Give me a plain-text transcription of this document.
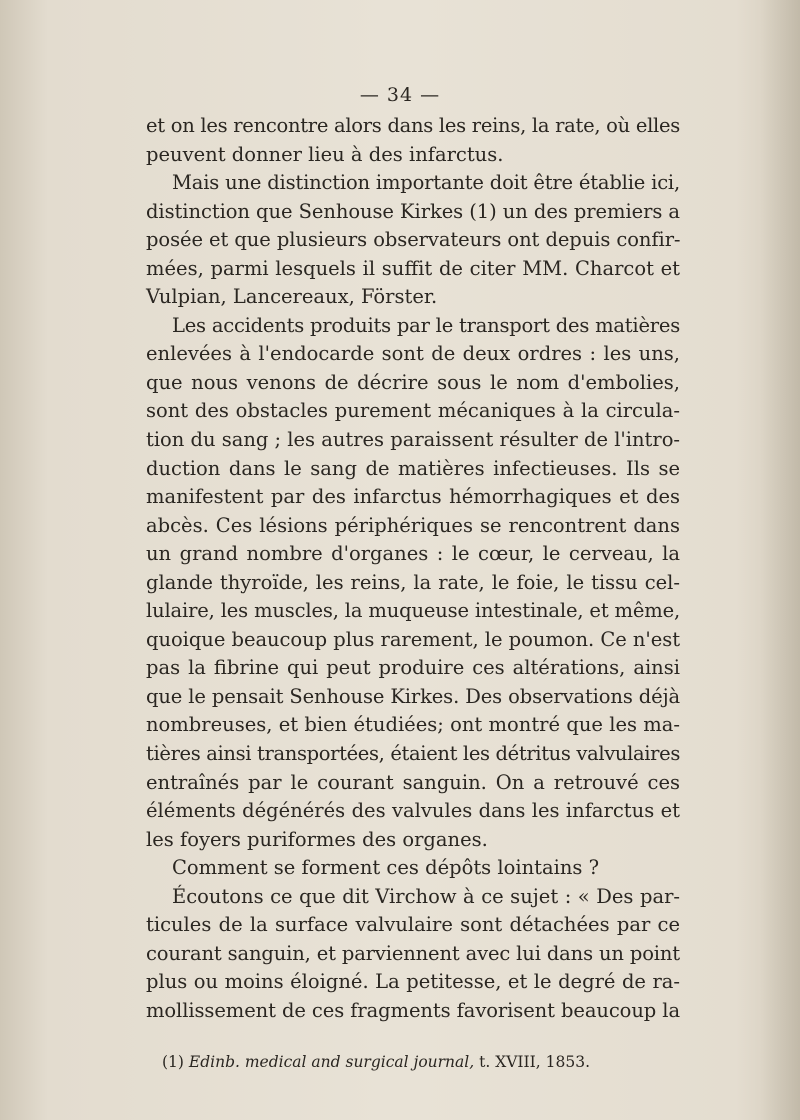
— 34 —
et on les rencontre alors dans les reins, la rate, où elles
peuvent donner lieu à des infarctus.
Mais une distinction importante doit être établie ici,
distinction que Senhouse Kirkes (1) un des premiers a
posée et que plusieurs observateurs ont depuis confir-
mées, parmi lesquels il suffit de citer MM. Charcot et
Vulpian, Lancereaux, Förster.
Les accidents produits par le transport des matières
enlevées à l'endocarde sont de deux ordres : les uns,
que nous venons de décrire sous le nom d'embolies,
sont des obstacles purement mécaniques à la circula-
tion du sang ; les autres paraissent résulter de l'intro-
duction dans le sang de matières infectieuses. Ils se
manifestent par des infarctus hémorrhagiques et des
abcès. Ces lésions périphériques se rencontrent dans
un grand nombre d'organes : le cœur, le cerveau, la
glande thyroïde, les reins, la rate, le foie, le tissu cel-
lulaire, les muscles, la muqueuse intestinale, et même,
quoique beaucoup plus rarement, le poumon. Ce n'est
pas la fibrine qui peut produire ces altérations, ainsi
que le pensait Senhouse Kirkes. Des observations déjà
nombreuses, et bien étudiées; ont montré que les ma-
tières ainsi transportées, étaient les détritus valvulaires
entraînés par le courant sanguin. On a retrouvé ces
éléments dégénérés des valvules dans les infarctus et
les foyers puriformes des organes.
Comment se forment ces dépôts lointains ?
Écoutons ce que dit Virchow à ce sujet : « Des par-
ticules de la surface valvulaire sont détachées par ce
courant sanguin, et parviennent avec lui dans un point
plus ou moins éloigné. La petitesse, et le degré de ra-
mollissement de ces fragments favorisent beaucoup la
(1) Edinb. medical and surgical journal, t. XVIII, 1853.
